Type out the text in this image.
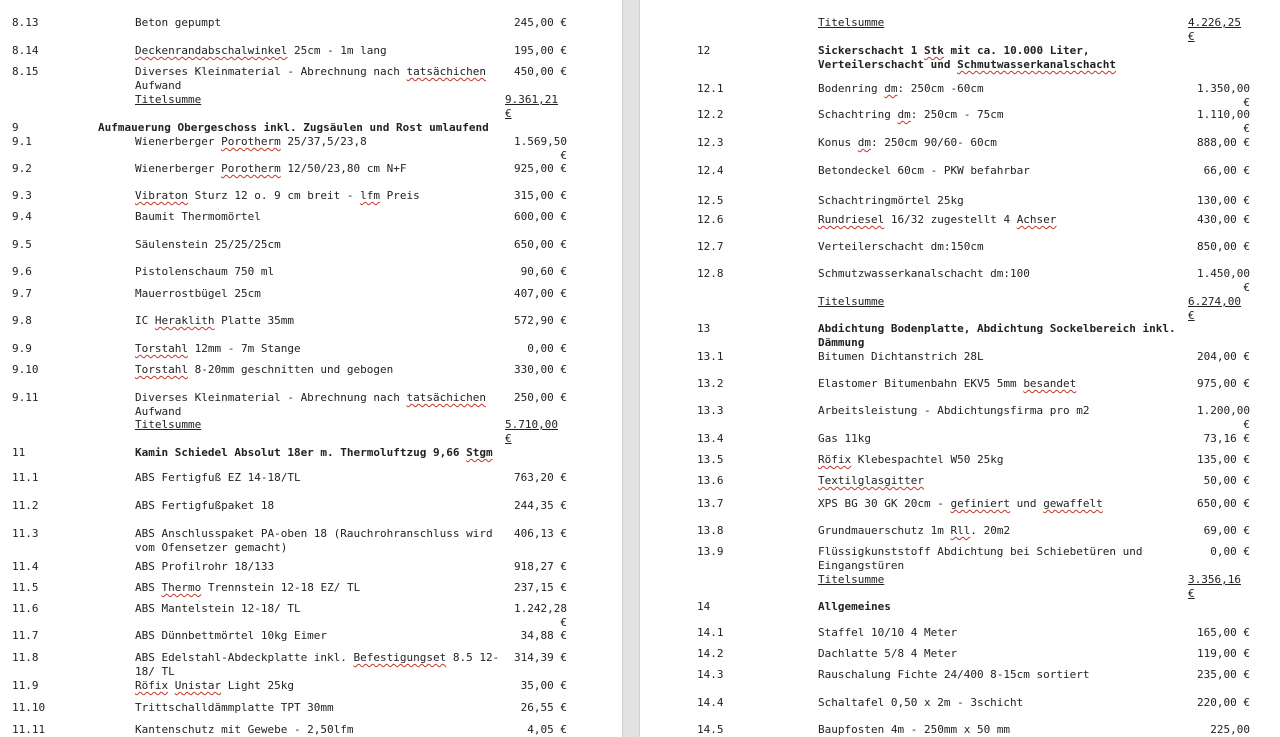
8.13	Beton gepumpt	245,00 €
8.14	Deckenrandabschalwinkel 25cm - 1m lang	195,00 €
8.15	Diverses Kleinmaterial - Abrechnung nach tatsächichen Aufwand
450,00 €
Titelsumme	9.361,21 €
9	Aufmauerung Obergeschoss inkl. Zugsäulen und Rost umlaufend
9.1	Wienerberger Porotherm 25/37,5/23,8	1.569,50 €
9.2	Wienerberger Porotherm 12/50/23,80 cm N+F	925,00 €
9.3	Vibraton Sturz 12 o. 9 cm breit - lfm Preis	315,00 €
9.4	Baumit Thermomörtel	600,00 €
9.5	Säulenstein 25/25/25cm	650,00 €
9.6	Pistolenschaum 750 ml	90,60 €
9.7	Mauerrostbügel 25cm	407,00 €
9.8	IC Heraklith Platte 35mm	572,90 €
9.9	Torstahl 12mm - 7m Stange	0,00 €
9.10	Torstahl 8-20mm geschnitten und gebogen	330,00 €
9.11	Diverses Kleinmaterial - Abrechnung nach tatsächichen Aufwand
250,00 €
Titelsumme	5.710,00 €
11	Kamin Schiedel Absolut 18er m. Thermoluftzug 9,66 Stgm
11.1	ABS Fertigfuß EZ 14-18/TL	763,20 €
11.2	ABS Fertigfußpaket 18	244,35 €
11.3	ABS Anschlusspaket PA-oben 18 (Rauchrohranschluss wird vom Ofensetzer gemacht)
406,13 €
11.4	ABS Profilrohr 18/133	918,27 €
11.5	ABS Thermo Trennstein 12-18 EZ/ TL	237,15 €
11.6	ABS Mantelstein 12-18/ TL	1.242,28 €
11.7	ABS Dünnbettmörtel 10kg Eimer	34,88 €
11.8	ABS Edelstahl-Abdeckplatte inkl. Befestigungset 8.5 12-18/ TL
314,39 €
11.9	Röfix Unistar Light 25kg	35,00 €
11.10	Trittschalldämmplatte TPT 30mm	26,55 €
11.11	Kantenschutz mit Gewebe - 2,50lfm	4,05 €
Titelsumme	4.226,25 €
12	Sickerschacht 1 Stk mit ca. 10.000 Liter, Verteilerschacht und Schmutwasserkanalschacht
12.1	Bodenring dm: 250cm -60cm	1.350,00 €
12.2	Schachtring dm: 250cm - 75cm	1.110,00 €
12.3	Konus dm: 250cm 90/60- 60cm	888,00 €
12.4	Betondeckel 60cm - PKW befahrbar	66,00 €
12.5	Schachtringmörtel 25kg	130,00 €
12.6	Rundriesel 16/32 zugestellt 4 Achser	430,00 €
12.7	Verteilerschacht dm:150cm	850,00 €
12.8	Schmutzwasserkanalschacht dm:100	1.450,00 €
Titelsumme	6.274,00 €
13	Abdichtung Bodenplatte, Abdichtung Sockelbereich inkl. Dämmung
13.1	Bitumen Dichtanstrich 28L	204,00 €
13.2	Elastomer Bitumenbahn EKV5 5mm besandet	975,00 €
13.3	Arbeitsleistung - Abdichtungsfirma pro m2	1.200,00 €
13.4	Gas 11kg	73,16 €
13.5	Röfix Klebespachtel W50 25kg	135,00 €
13.6	Textilglasgitter	50,00 €
13.7	XPS BG 30 GK 20cm - gefiniert und gewaffelt	650,00 €
13.8	Grundmauerschutz 1m Rll. 20m2	69,00 €
13.9	Flüssigkunststoff Abdichtung bei Schiebetüren und Eingangstüren
0,00 €
Titelsumme	3.356,16 €
14	Allgemeines
14.1	Staffel 10/10 4 Meter	165,00 €
14.2	Dachlatte 5/8 4 Meter	119,00 €
14.3	Rauschalung Fichte 24/400 8-15cm sortiert	235,00 €
14.4	Schaltafel 0,50 x 2m - 3schicht	220,00 €
14.5	Baupfosten 4m - 250mm x 50 mm	225,00
